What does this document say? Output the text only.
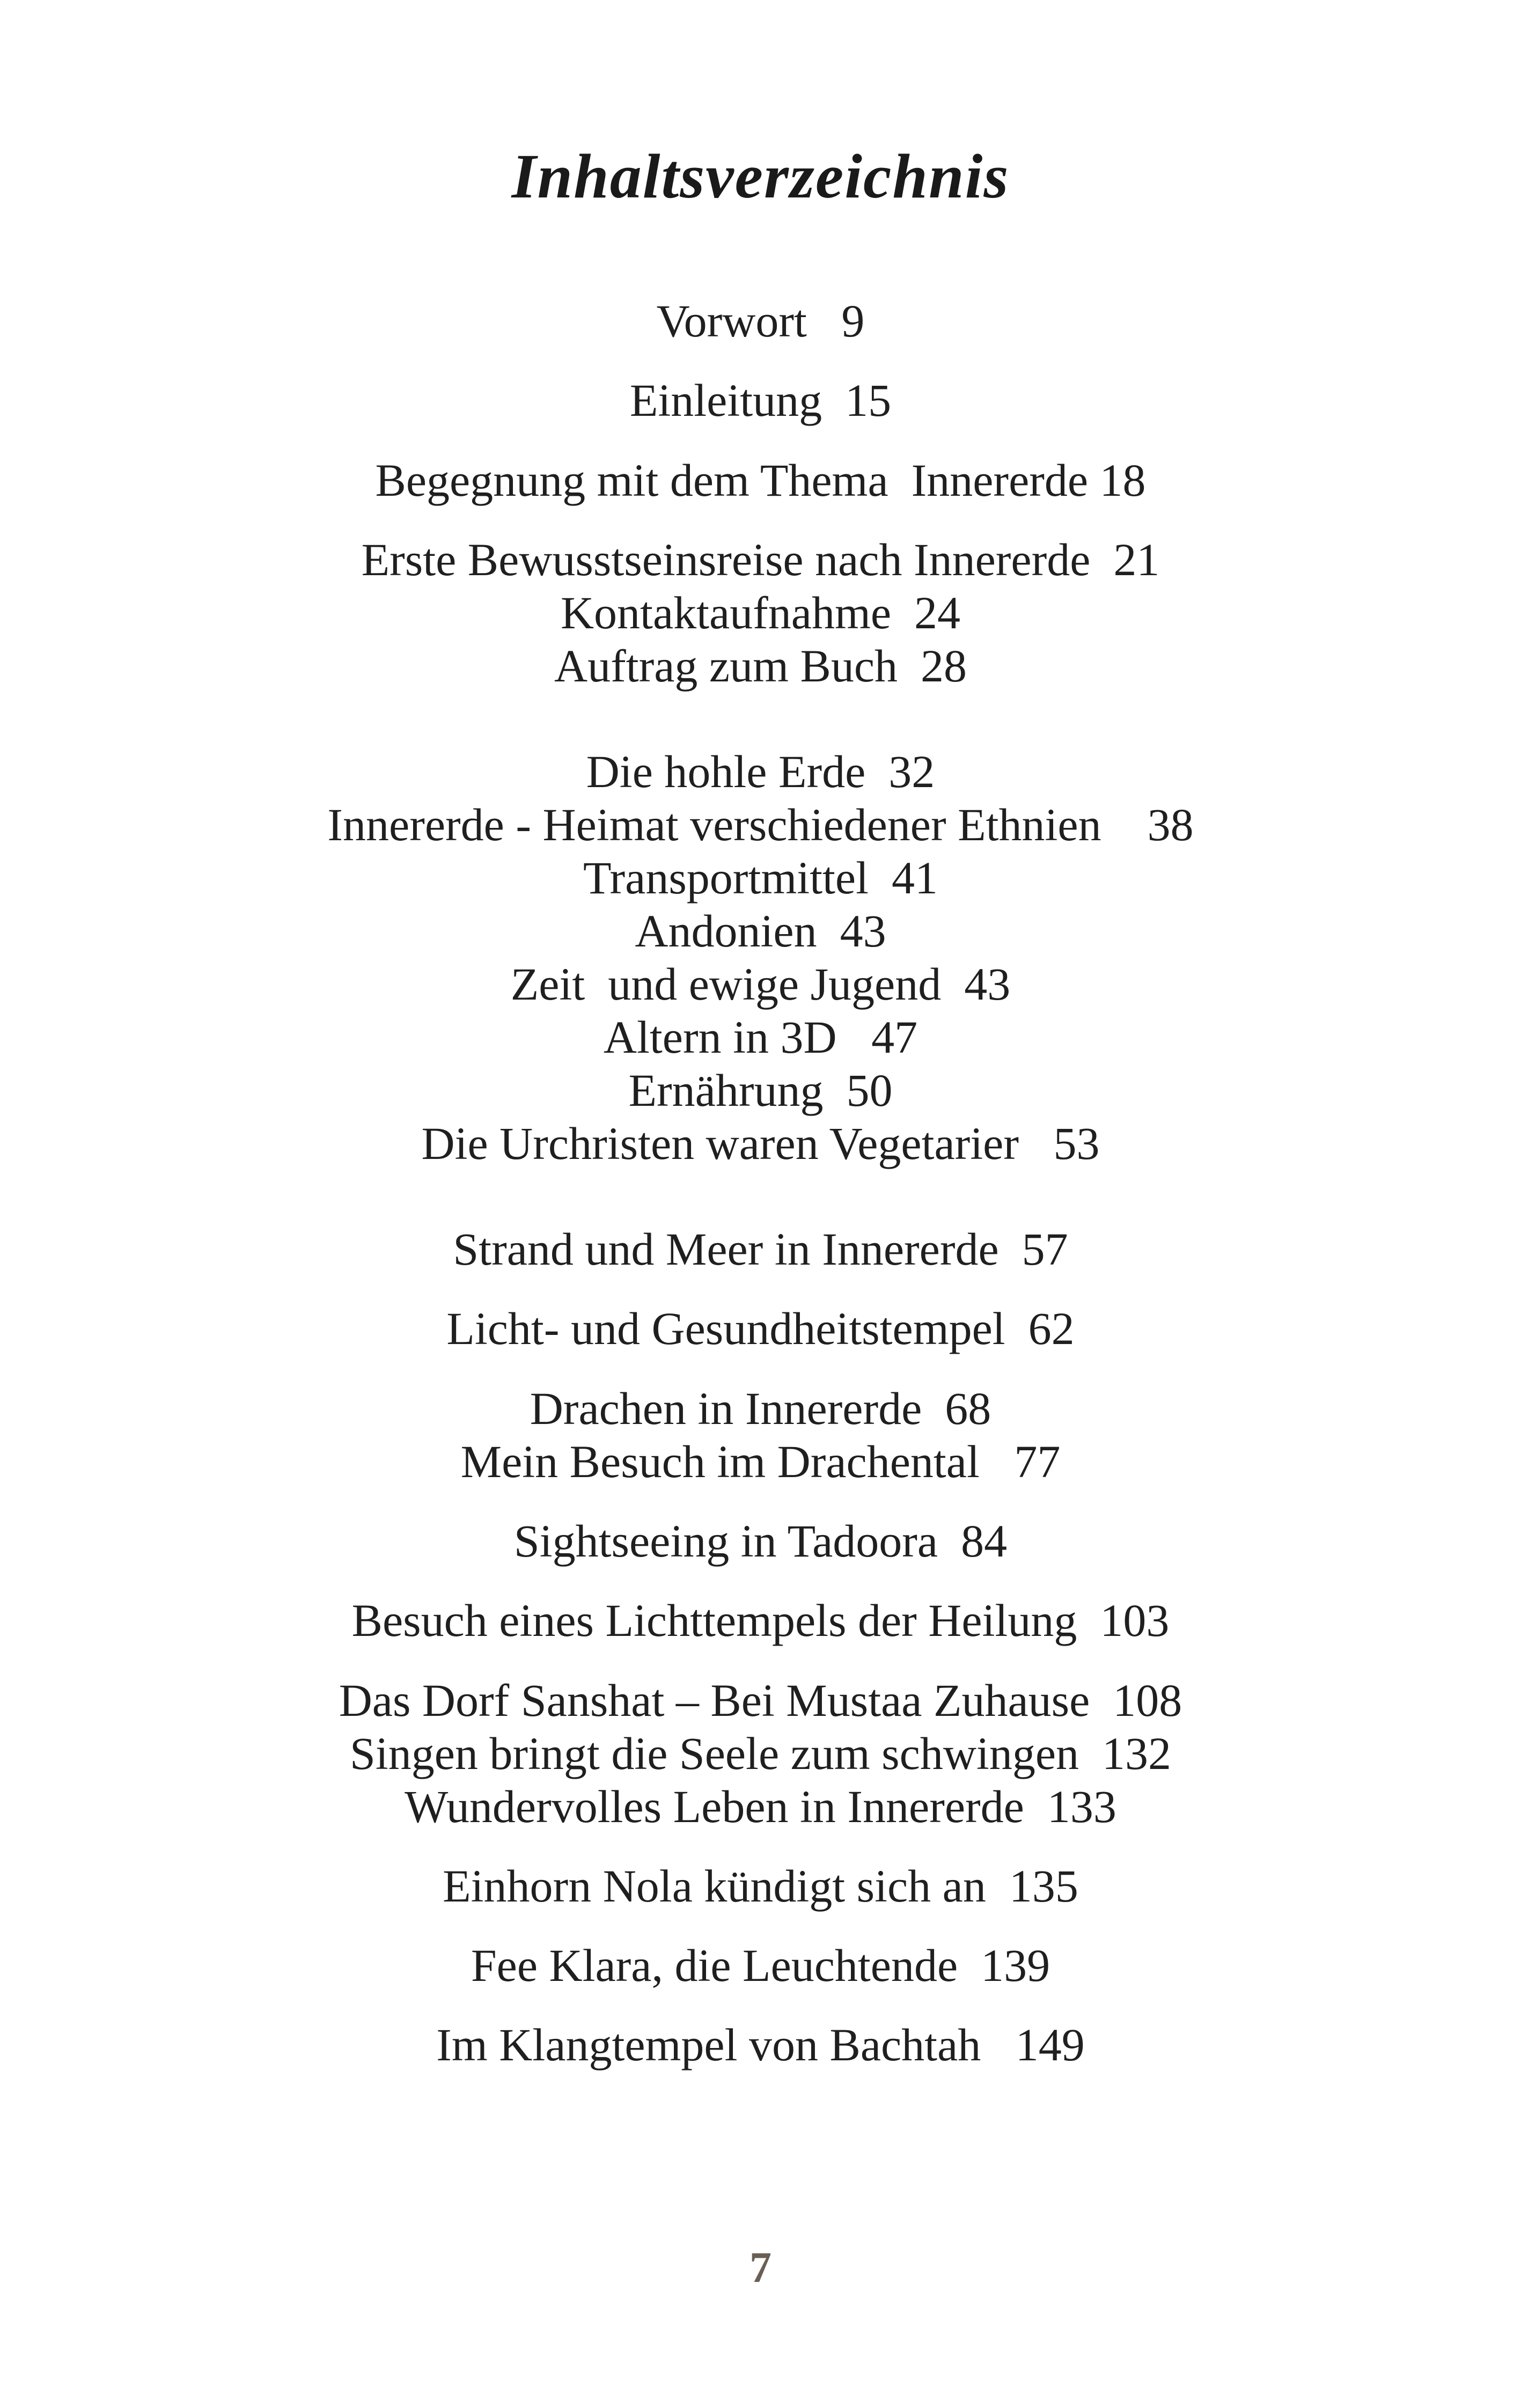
Inhaltsverzeichnis
Vorwort   9
Einleitung  15
Begegnung mit dem Thema  Innererde 18
Erste Bewusstseinsreise nach Innererde  21
Kontaktaufnahme  24
Auftrag zum Buch  28
Die hohle Erde  32
Innererde - Heimat verschiedener Ethnien    38
Transportmittel  41
Andonien  43
Zeit  und ewige Jugend  43
Altern in 3D   47
Ernährung  50
Die Urchristen waren Vegetarier   53
Strand und Meer in Innererde  57
Licht- und Gesundheitstempel  62
Drachen in Innererde  68
Mein Besuch im Drachental   77
Sightseeing in Tadoora  84
Besuch eines Lichttempels der Heilung  103
Das Dorf Sanshat – Bei Mustaa Zuhause  108
Singen bringt die Seele zum schwingen  132
Wundervolles Leben in Innererde  133
Einhorn Nola kündigt sich an  135
Fee Klara, die Leuchtende  139
Im Klangtempel von Bachtah   149
7
